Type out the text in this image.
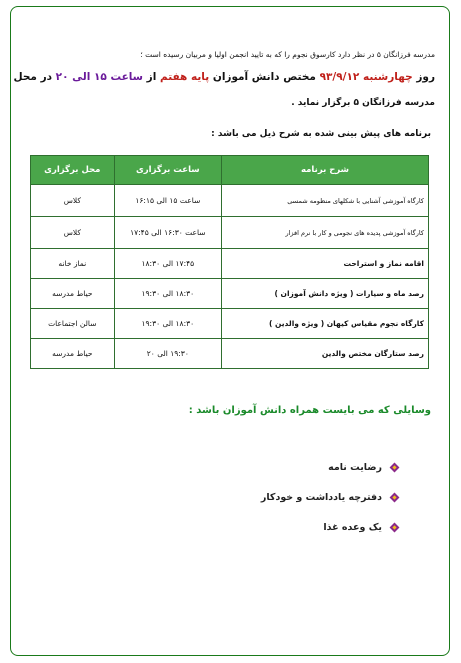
مدرسه فرزانگان ۵ در نظر دارد کارسوق نجوم را که به تایید انجمن اولیا و مربیان رسیده است ؛
روز چهارشنبه ۹۳/۹/۱۲ مختص دانش آموزان پایه هفتم از ساعت ۱۵ الی ۲۰ در محل
مدرسه فرزانگان ۵ برگزار نماید .
برنامه های پیش بینی شده به شرح ذیل می باشد :
شرح برنامه	ساعت برگزاری	محل برگزاری
کارگاه آموزشی آشنایی با شکلهای منظومه شمسی	ساعت ۱۵ الی ۱۶:۱۵	کلاس
کارگاه آموزشی پدیده های نجومی و کار با نرم افزار	ساعت ۱۶:۳۰ الی ۱۷:۴۵	کلاس
اقامه نماز و استراحت	۱۷:۴۵ الی ۱۸:۳۰	نماز خانه
رصد ماه و سیارات ( ویژه دانش آموزان )	۱۸:۳۰ الی ۱۹:۳۰	حیاط مدرسه
کارگاه نجوم مقیاس کیهان ( ویژه والدین )	۱۸:۳۰ الی ۱۹:۳۰	سالن اجتماعات
رصد ستارگان مختص والدین	۱۹:۳۰ الی ۲۰	حیاط مدرسه
وسایلی که می بایست همراه دانش آموزان باشد :
رضایت نامه
دفترچه یادداشت و خودکار
یک وعده غذا
